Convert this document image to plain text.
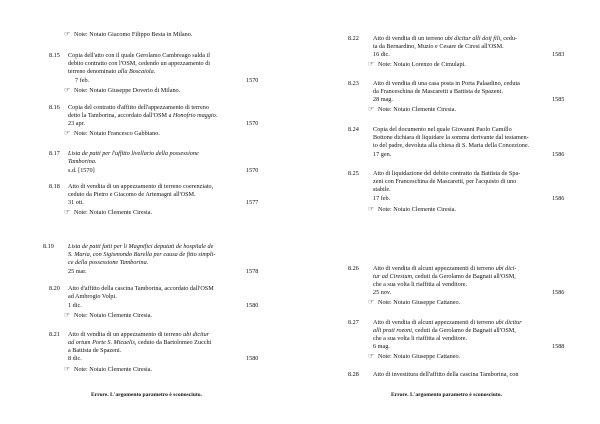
☞ Note: Notaio Giacomo Filippo Besta in Milano.
8.15 Copia dell'atto con il quale Gerolamo Cambreago salda il
debito contratto con l'OSM, cedendo un appezzamento di
terreno denominato alla Boscaiola.
7 feb.	1570
☞ Note: Notaio Giuseppe Doverio di Milano.
8.16 Copia del contratto d'affitto dell'appezzamento di terreno
detto la Tamborina, accordato dall'OSM a Honofrio maggio.
23 apr.	1570
☞ Note: Notaio Francesco Gabbiano.
8.17 Lista de patti per l'uffitto livellario della possessione
Tamborina.
s.d. [1570]	1570
8.18 Atto di vendita di un appezzamento di terreno coerenziato,
ceduto da Pietro e Giacomo de Artemagni all'OSM.
31 ott.	1577
☞ Note: Notaio Clemente Ciresia.
8.19 Lista de patti fatti per li Magnifici deputati de hospitale de
S. Maria, con Sigismondo Burella per causa de fitto simpli-
ce della possessione Tamborina.
25 mar.	1578
8.20 Atto d'affitto della cascina Tamborina, accordato dall'OSM
ad Ambrogio Volpi.
1 dic.	1580
☞ Note: Notaio Clemente Ciresia.
8.21 Atto di vendita di un appezzamento di terreno ubi dicitur
ad ortum Porte S. Micaelis, ceduto da Bartolomeo Zucchi
a Battista de Spazeni.
8 dic.	1580
☞ Note: Notaio Clemente Ciresia.
Errore. L'argomento parametro è sconosciuto.
8.22 Atto di vendita di un terreno ubi dicitur alli doij fili, cedu-
ta da Bernardino, Muzio e Cesare de Ciresi all'OSM.
16 dic.	1583
☞ Note: Notaio Lorenzo de Cimulapi.
8.23 Atto di vendita di una casa posta in Porta Palaadino, ceduta
da Franceschina de Mascaretti a Battista de Spazeni.
28 mag.	1585
☞ Note: Notaio Clemente Ciresia.
8.24 Copia del documento nel quale Giovanni Paolo Camillo
Bottone dichiara di liquidare la somma derivante dal testamen-
to del padre, devoluta alla chiesa di S. Maria della Concezione.
17 gen.	1586
8.25 Atto di liquidazione del debito contratto da Battista de Spa-
zeni con Franceschina de Mascaretti, per l'acquisto di uno
stabile.
17 feb.	1586
☞ Note: Notaio Clemente Ciresia.
8.26 Atto di vendita di alcuni appezzamenti di terreno ubi dici-
tur ad Ciresium, ceduti da Gerolamo de Bagnati all'OSM,
che a sua volta li riaffitta al venditore.
25 nov.	1586
☞ Note: Notaio Giuseppe Cattaneo.
8.27 Atto di vendita di alcuni appezzamenti di terreno ubi dicitur
alli prati rozoni, ceduti da Gerolamo de Bagnati all'OSM,
che a sua volta li riaffitta al venditore.
6 mag.	1588
☞ Note: Notaio Giuseppe Cattaneo.
8.28 Atto di investitura dell'affitto della cascina Tamborina, con
Errore. L'argomento parametro è sconosciuto.
